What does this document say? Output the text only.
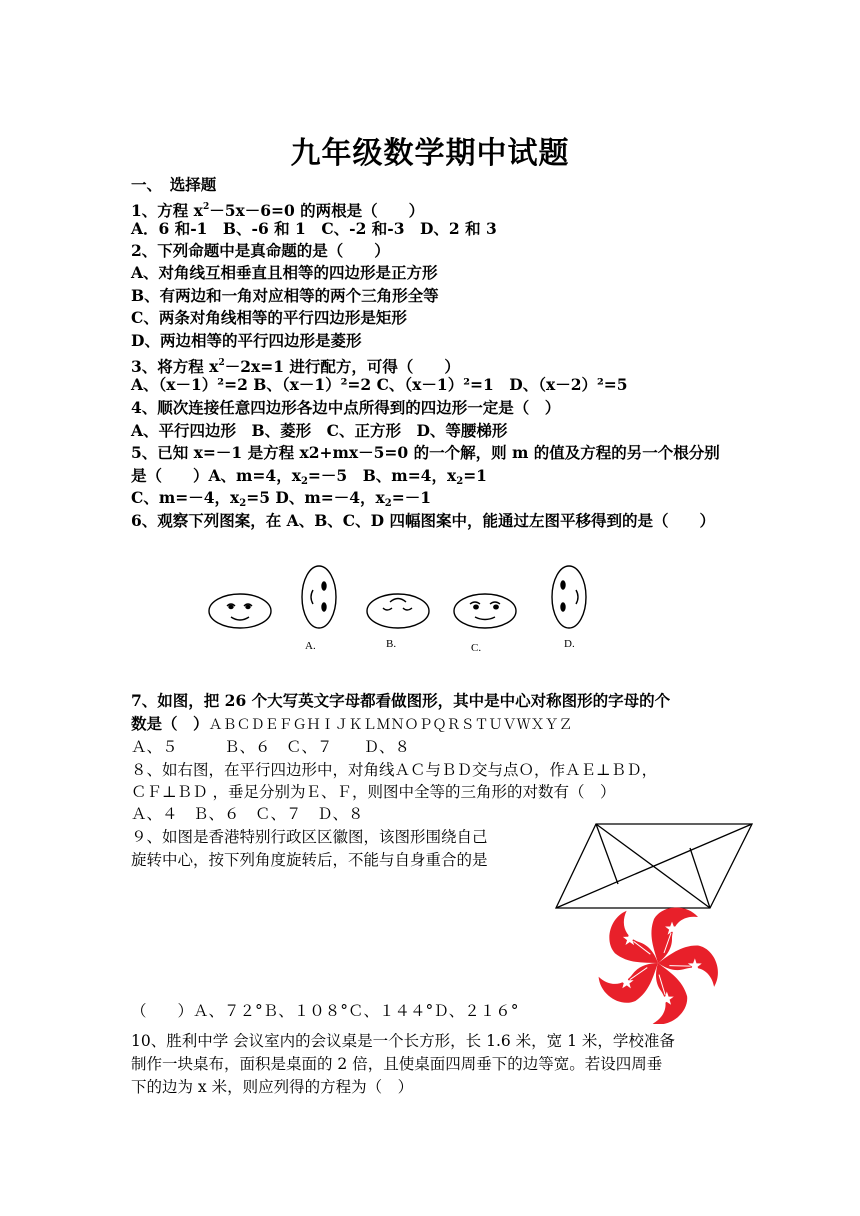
九年级数学期中试题
一、　选择题
1、方程 $x^2-5x-6=0$ 的两根是（　　）
A．6 和-1　B、-6 和 1　C、-2 和-3　D、2 和 3
2、下列命题中是真命题的是（　　）
A、对角线互相垂直且相等的四边形是正方形
B、有两边和一角对应相等的两个三角形全等
C、两条对角线相等的平行四边形是矩形
D、两边相等的平行四边形是菱形
3、将方程 $x^2-2x=1$ 进行配方，可得（　　）
A、（x－1）²=2 B、（x－1）²=2 C、（x－1）²=1　D、（x－2）²=5
4、顺次连接任意四边形各边中点所得到的四边形一定是（　）
A、平行四边形　B、菱形　C、正方形　D、等腰梯形
5、已知 x=－1 是方程 x2+mx－5=0 的一个解，则 m 的值及方程的另一个根分别
是（　　）A、m=4，$x_2=-5$　B、m=4，$x_2=1$
C、m=－4，$x_2=5$ D、m=－4，$x_2=-1$
6、观察下列图案，在 A、B、C、D 四幅图案中，能通过左图平移得到的是（　　）
A.	B.	C.	D.
7、如图，把 26 个大写英文字母都看做图形，其中是中心对称图形的字母的个
数是（　）ＡＢＣＤＥＦＧＨＩＪＫＬＭＮＯＰＱＲＳＴＵＶＷＸＹＺ
Ａ、５　　　Ｂ、６　Ｃ、７　　Ｄ、８
８、如右图，在平行四边形中，对角线ＡＣ与ＢＤ交与点Ｏ，作ＡＥ⊥ＢＤ，
ＣＦ⊥ＢＤ ，垂足分别为Ｅ、Ｆ，则图中全等的三角形的对数有（　）
Ａ、４　Ｂ、６　Ｃ、７　Ｄ、８
９、如图是香港特别行政区区徽图，该图形围绕自己
旋转中心，按下列角度旋转后，不能与自身重合的是
（　　）Ａ、７２°Ｂ、１０８°Ｃ、１４４°Ｄ、２１６°
10、胜利中学 会议室内的会议桌是一个长方形，长 1.6 米，宽 1 米，学校准备
制作一块桌布，面积是桌面的 2 倍，且使桌面四周垂下的边等宽。若设四周垂
下的边为 x 米，则应列得的方程为（　）
